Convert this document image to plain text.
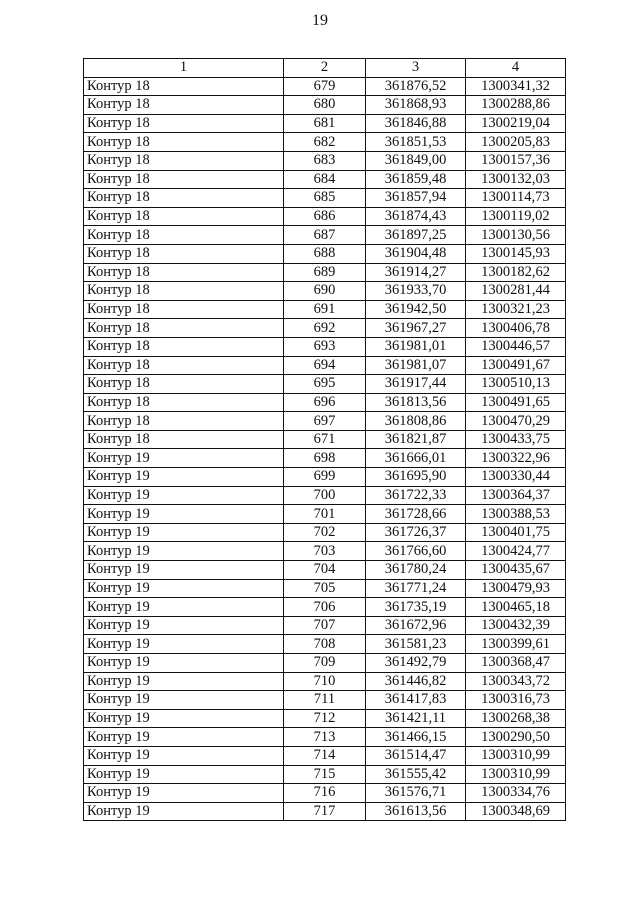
19
1	2	3	4
Контур 18	679	361876,52	1300341,32
Контур 18	680	361868,93	1300288,86
Контур 18	681	361846,88	1300219,04
Контур 18	682	361851,53	1300205,83
Контур 18	683	361849,00	1300157,36
Контур 18	684	361859,48	1300132,03
Контур 18	685	361857,94	1300114,73
Контур 18	686	361874,43	1300119,02
Контур 18	687	361897,25	1300130,56
Контур 18	688	361904,48	1300145,93
Контур 18	689	361914,27	1300182,62
Контур 18	690	361933,70	1300281,44
Контур 18	691	361942,50	1300321,23
Контур 18	692	361967,27	1300406,78
Контур 18	693	361981,01	1300446,57
Контур 18	694	361981,07	1300491,67
Контур 18	695	361917,44	1300510,13
Контур 18	696	361813,56	1300491,65
Контур 18	697	361808,86	1300470,29
Контур 18	671	361821,87	1300433,75
Контур 19	698	361666,01	1300322,96
Контур 19	699	361695,90	1300330,44
Контур 19	700	361722,33	1300364,37
Контур 19	701	361728,66	1300388,53
Контур 19	702	361726,37	1300401,75
Контур 19	703	361766,60	1300424,77
Контур 19	704	361780,24	1300435,67
Контур 19	705	361771,24	1300479,93
Контур 19	706	361735,19	1300465,18
Контур 19	707	361672,96	1300432,39
Контур 19	708	361581,23	1300399,61
Контур 19	709	361492,79	1300368,47
Контур 19	710	361446,82	1300343,72
Контур 19	711	361417,83	1300316,73
Контур 19	712	361421,11	1300268,38
Контур 19	713	361466,15	1300290,50
Контур 19	714	361514,47	1300310,99
Контур 19	715	361555,42	1300310,99
Контур 19	716	361576,71	1300334,76
Контур 19	717	361613,56	1300348,69
